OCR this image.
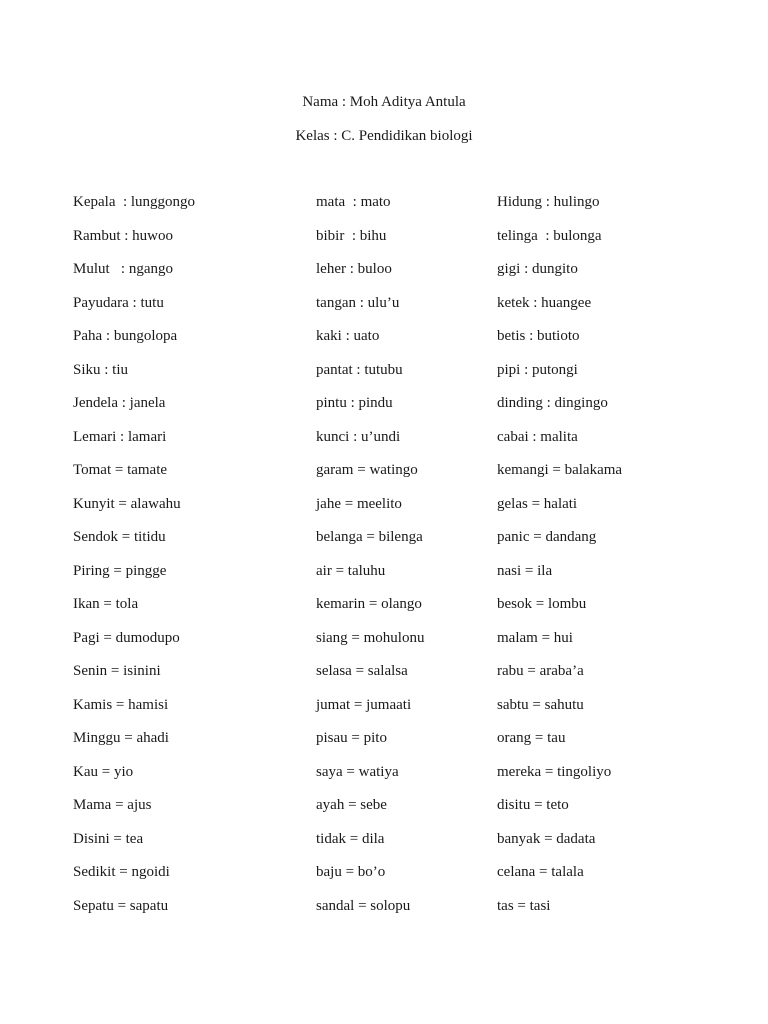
Nama : Moh Aditya Antula
Kelas : C. Pendidikan biologi
Kepala  : lunggongo	mata  : mato	Hidung : hulingo
Rambut : huwoo	bibir  : bihu	telinga  : bulonga
Mulut   : ngango	leher : buloo	gigi : dungito
Payudara : tutu	tangan : ulu’u	ketek : huangee
Paha : bungolopa	kaki : uato	betis : butioto
Siku : tiu	pantat : tutubu	pipi : putongi
Jendela : janela	pintu : pindu	dinding : dingingo
Lemari : lamari	kunci : u’undi	cabai : malita
Tomat = tamate	garam = watingo	kemangi = balakama
Kunyit = alawahu	jahe = meelito	gelas = halati
Sendok = titidu	belanga = bilenga	panic = dandang
Piring = pingge	air = taluhu	nasi = ila
Ikan = tola	kemarin = olango	besok = lombu
Pagi = dumodupo	siang = mohulonu	malam = hui
Senin = isinini	selasa = salalsa	rabu = araba’a
Kamis = hamisi	jumat = jumaati	sabtu = sahutu
Minggu = ahadi	pisau = pito	orang = tau
Kau = yio	saya = watiya	mereka = tingoliyo
Mama = ajus	ayah = sebe	disitu = teto
Disini = tea	tidak = dila	banyak = dadata
Sedikit = ngoidi	baju = bo’o	celana = talala
Sepatu = sapatu	sandal = solopu	tas = tasi
